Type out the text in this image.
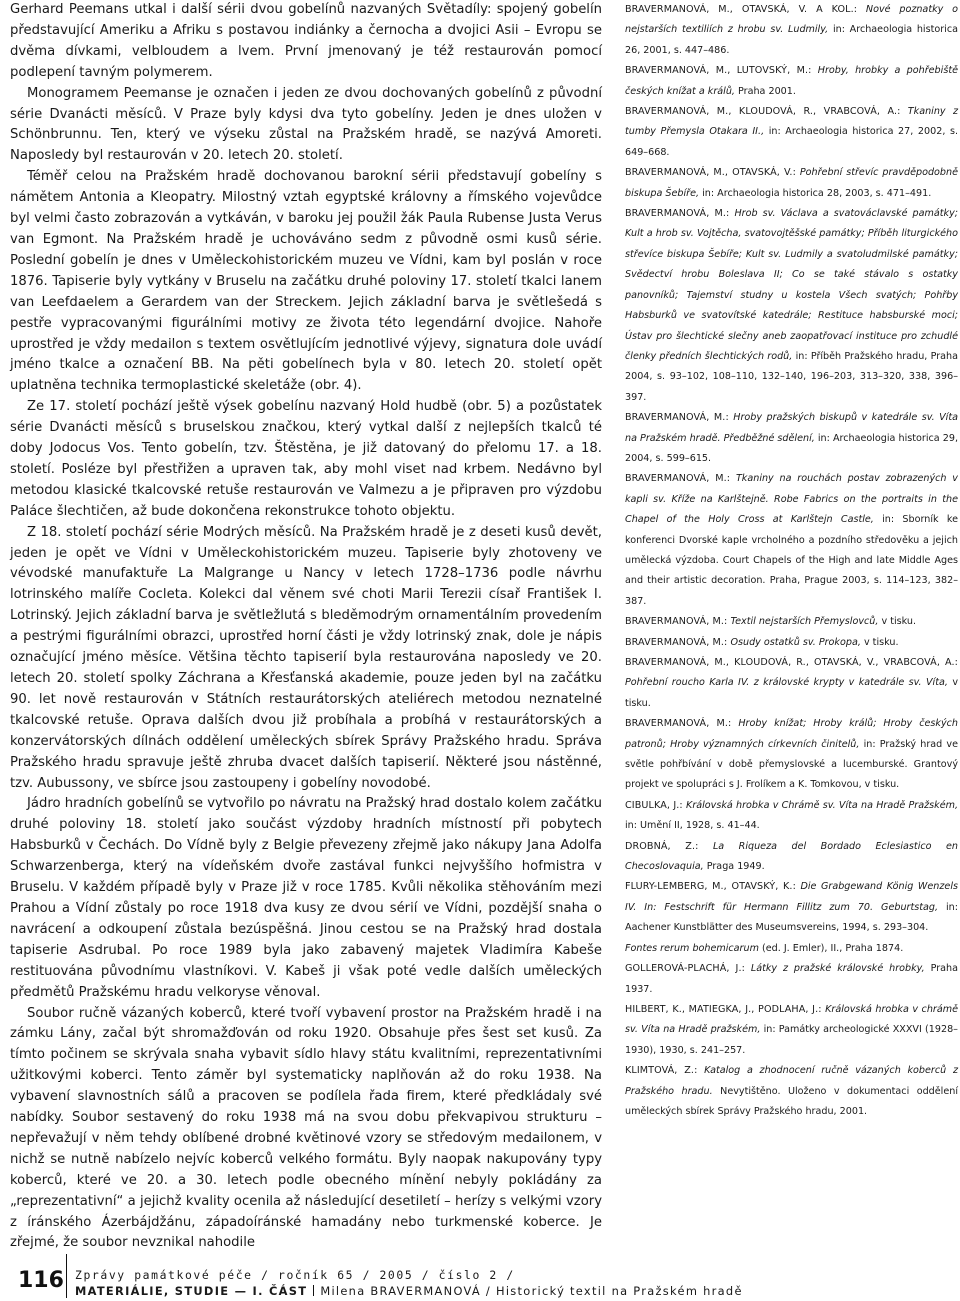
Gerhard Peemans utkal i další sérii dvou gobelínů nazvaných Světadíly: spojený gobelín představující Ameriku a Afriku s postavou indiánky a černocha a dvojici Asii – Evropu se dvěma dívkami, velbloudem a lvem. První jmenovaný je též restaurován pomocí podlepení tavným polymerem.

Monogramem Peemanse je označen i jeden ze dvou dochovaných gobelínů z původní série Dvanácti měsíců. V Praze byly kdysi dva tyto gobelíny. Jeden je dnes uložen v Schönbrunnu. Ten, který ve výseku zůstal na Pražském hradě, se nazývá Amoreti. Naposledy byl restaurován v 20. letech 20. století.

Téměř celou na Pražském hradě dochovanou barokní sérii představují gobelíny s námětem Antonia a Kleopatry. Milostný vztah egyptské královny a římského vojevůdce byl velmi často zobrazován a vytkáván, v baroku jej použil žák Paula Rubense Justa Verus van Egmont. Na Pražském hradě je uchováváno sedm z původně osmi kusů série. Poslední gobelín je dnes v Uměleckohistorickém muzeu ve Vídni, kam byl poslán v roce 1876. Tapiserie byly vytkány v Bruselu na začátku druhé poloviny 17. století tkalci lanem van Leefdaelem a Gerardem van der Streckem. Jejich základní barva je světlešedá s pestře vypracovanými figurálními motivy ze života této legendární dvojice. Nahoře uprostřed je vždy medailon s textem osvětlujícím jednotlivé výjevy, signatura dole uvádí jméno tkalce a označení BB. Na pěti gobelínech byla v 80. letech 20. století opět uplatněna technika termoplastické skeletáže (obr. 4).

Ze 17. století pochází ještě výsek gobelínu nazvaný Hold hudbě (obr. 5) a pozůstatek série Dvanácti měsíců s bruselskou značkou, který vytkal další z nejlepších tkalců té doby Jodocus Vos. Tento gobelín, tzv. Štěstěna, je již datovaný do přelomu 17. a 18. století. Posléze byl přestřižen a upraven tak, aby mohl viset nad krbem. Nedávno byl metodou klasické tkalcovské retuše restaurován ve Valmezu a je připraven pro výzdobu Paláce šlechtičen, až bude dokončena rekonstrukce tohoto objektu.

Z 18. století pochází série Modrých měsíců. Na Pražském hradě je z deseti kusů devět, jeden je opět ve Vídni v Uměleckohistorickém muzeu. Tapiserie byly zhotoveny ve vévodské manufaktuře La Malgrange u Nancy v letech 1728–1736 podle návrhu lotrinského malíře Cocleta. Kolekci dal věnem své choti Marii Terezii císař František I. Lotrinský. Jejich základní barva je světležlutá s bleděmodrým ornamentálním provedením a pestrými figurálními obrazci, uprostřed horní části je vždy lotrinský znak, dole je nápis označující jméno měsíce. Většina těchto tapiserií byla restaurována naposledy ve 20. letech 20. století spolky Záchrana a Křesťanská akademie, pouze jeden byl na začátku 90. let nově restaurován v Státních restaurátorských ateliérech metodou neznatelné tkalcovské retuše. Oprava dalších dvou již probíhala a probíhá v restaurátorských a konzervátorských dílnách oddělení uměleckých sbírek Správy Pražského hradu. Správa Pražského hradu spravuje ještě zhruba dvacet dalších tapiserií. Některé jsou nástěnné, tzv. Aubussony, ve sbírce jsou zastoupeny i gobelíny novodobé.

Jádro hradních gobelínů se vytvořilo po návratu na Pražský hrad dostalo kolem začátku druhé poloviny 18. století jako součást výzdoby hradních místností při pobytech Habsburků v Čechách. Do Vídně byly z Belgie převezeny zřejmě jako nákupy Jana Adolfa Schwarzenberga, který na vídeňském dvoře zastával funkci nejvyššího hofmistra v Bruselu. V každém případě byly v Praze již v roce 1785. Kvůli několika stěhováním mezi Prahou a Vídní zůstaly po roce 1918 dva kusy ze dvou sérií ve Vídni, pozdější snaha o navrácení a odkoupení zůstala bezúspěšná. Jinou cestou se na Pražský hrad dostala tapiserie Asdrubal. Po roce 1989 byla jako zabavený majetek Vladimíra Kabeše restituována původnímu vlastníkovi. V. Kabeš ji však poté vedle dalších uměleckých předmětů Pražskému hradu velkoryse věnoval.

Soubor ručně vázaných koberců, které tvoří vybavení prostor na Pražském hradě i na zámku Lány, začal být shromažďován od roku 1920. Obsahuje přes šest set kusů. Za tímto počinem se skrývala snaha vybavit sídlo hlavy státu kvalitními, reprezentativními užitkovými koberci. Tento záměr byl systematicky naplňován až do roku 1938. Na vybavení slavnostních sálů a pracoven se podílela řada firem, které předkládaly své nabídky. Soubor sestavený do roku 1938 má na svou dobu překvapivou strukturu – nepřevažují v něm tehdy oblíbené drobné květinové vzory se středovým medailonem, v nichž se nutně nabízelo nejvíc koberců velkého formátu. Byly naopak nakupovány typy koberců, které ve 20. a 30. letech podle obecného mínění nebyly pokládány za „reprezentativní“ a jejichž kvality ocenila až následující desetiletí – herízy s velkými vzory z íránského Ázerbájdžánu, západoíránské hamadány nebo turkmenské koberce. Je zřejmé, že soubor nevznikal nahodile

BRAVERMANOVÁ, M., OTAVSKÁ, V. A KOL.: Nové poznatky o nejstarších textiliích z hrobu sv. Ludmily, in: Archaeologia historica 26, 2001, s. 447–486.

BRAVERMANOVÁ, M., LUTOVSKÝ, M.: Hroby, hrobky a pohřebiště českých knížat a králů, Praha 2001.

BRAVERMANOVÁ, M., KLOUDOVÁ, R., VRABCOVÁ, A.: Tkaniny z tumby Přemysla Otakara II., in: Archaeologia historica 27, 2002, s. 649–668.

BRAVERMANOVÁ, M., OTAVSKÁ, V.: Pohřební střevíc pravděpodobně biskupa Šebíře, in: Archaeologia historica 28, 2003, s. 471–491.

BRAVERMANOVÁ, M.: Hrob sv. Václava a svatováclavské památky; Kult a hrob sv. Vojtěcha, svatovojtěšské památky; Příběh liturgického střevíce biskupa Šebíře; Kult sv. Ludmily a svatoludmilské památky; Svědectví hrobu Boleslava II; Co se také stávalo s ostatky panovníků; Tajemství studny u kostela Všech svatých; Pohřby Habsburků ve svatovítské katedrále; Restituce habsburské moci; Ústav pro šlechtické slečny aneb zaopatřovací instituce pro zchudlé členky předních šlechtických rodů, in: Příběh Pražského hradu, Praha 2004, s. 93–102, 108–110, 132–140, 196–203, 313–320, 338, 396–397.

BRAVERMANOVÁ, M.: Hroby pražských biskupů v katedrále sv. Víta na Pražském hradě. Předběžné sdělení, in: Archaeologia historica 29, 2004, s. 599–615.

BRAVERMANOVÁ, M.: Tkaniny na rouchách postav zobrazených v kapli sv. Kříže na Karlštejně. Robe Fabrics on the portraits in the Chapel of the Holy Cross at Karlštejn Castle, in: Sborník ke konferenci Dvorské kaple vrcholného a pozdního středověku a jejich umělecká výzdoba. Court Chapels of the High and late Middle Ages and their artistic decoration. Praha, Prague 2003, s. 114–123, 382–387.

BRAVERMANOVÁ, M.: Textil nejstarších Přemyslovců, v tisku.

BRAVERMANOVÁ, M.: Osudy ostatků sv. Prokopa, v tisku.

BRAVERMANOVÁ, M., KLOUDOVÁ, R., OTAVSKÁ, V., VRABCOVÁ, A.: Pohřební roucho Karla IV. z královské krypty v katedrále sv. Víta, v tisku.

BRAVERMANOVÁ, M.: Hroby knížat; Hroby králů; Hroby českých patronů; Hroby významných církevních činitelů, in: Pražský hrad ve světle pohřbívání v době přemyslovské a lucemburské. Grantový projekt ve spolupráci s J. Frolíkem a K. Tomkovou, v tisku.

CIBULKA, J.: Královská hrobka v Chrámě sv. Víta na Hradě Pražském, in: Umění II, 1928, s. 41–44.

DROBNÁ, Z.: La Riqueza del Bordado Eclesiastico en Checoslovaquia, Praga 1949.

FLURY-LEMBERG, M., OTAVSKÝ, K.: Die Grabgewand König Wenzels IV. In: Festschrift für Hermann Fillitz zum 70. Geburtstag, in: Aachener Kunstblätter des Museumsvereins, 1994, s. 293–304.

Fontes rerum bohemicarum (ed. J. Emler), II., Praha 1874.

GOLLEROVÁ-PLACHÁ, J.: Látky z pražské královské hrobky, Praha 1937.

HILBERT, K., MATIEGKA, J., PODLAHA, J.: Královská hrobka v chrámě sv. Víta na Hradě pražském, in: Památky archeologické XXXVI (1928–1930), 1930, s. 241–257.

KLIMTOVÁ, Z.: Katalog a zhodnocení ručně vázaných koberců z Pražského hradu. Nevytištěno. Uloženo v dokumentaci oddělení uměleckých sbírek Správy Pražského hradu, 2001.

116 Zprávy památkové péče / ročník 65 / 2005 / číslo 2 /
MATERIÁLIE, STUDIE — I. ČÁST Milena BRAVERMANOVÁ / Historický textil na Pražském hradě
